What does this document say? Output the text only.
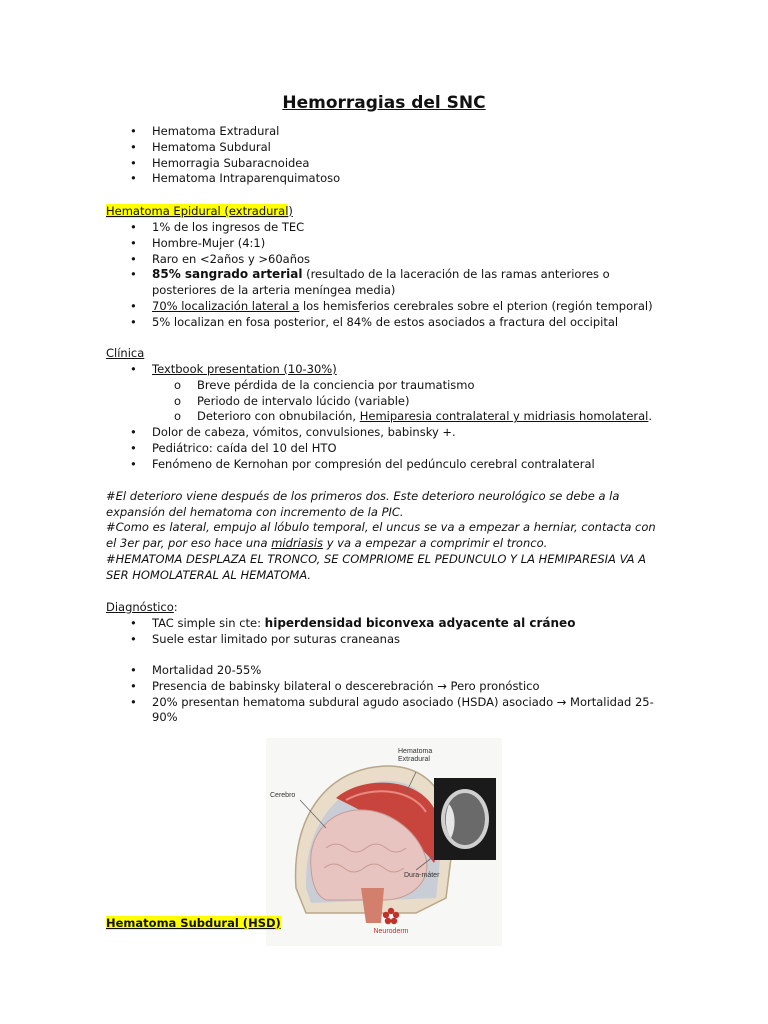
Hemorragias del SNC
• Hematoma Extradural
• Hematoma Subdural
• Hemorragia Subaracnoidea
• Hematoma Intraparenquimatoso
Hematoma Epidural (extradural)
• 1% de los ingresos de TEC
• Hombre-Mujer (4:1)
• Raro en <2años y >60años
• 85% sangrado arterial (resultado de la laceración de las ramas anteriores o posteriores de la arteria meníngea media)
• 70% localización lateral a los hemisferios cerebrales sobre el pterion (región temporal)
• 5% localizan en fosa posterior, el 84% de estos asociados a fractura del occipital
Clínica
• Textbook presentation (10-30%)
o Breve pérdida de la conciencia por traumatismo
o Periodo de intervalo lúcido (variable)
o Deterioro con obnubilación, Hemiparesia contralateral y midriasis homolateral.
• Dolor de cabeza, vómitos, convulsiones, babinsky +.
• Pediátrico: caída del 10 del HTO
• Fenómeno de Kernohan por compresión del pedúnculo cerebral contralateral
#El deterioro viene después de los primeros dos. Este deterioro neurológico se debe a la expansión del hematoma con incremento de la PIC.
#Como es lateral, empujo al lóbulo temporal, el uncus se va a empezar a herniar, contacta con el 3er par, por eso hace una midriasis y va a empezar a comprimir el tronco.
#HEMATOMA DESPLAZA EL TRONCO, SE COMPRIOME EL PEDUNCULO Y LA HEMIPARESIA VA A SER HOMOLATERAL AL HEMATOMA.
Diagnóstico:
• TAC simple sin cte: hiperdensidad biconvexa adyacente al cráneo
• Suele estar limitado por suturas craneanas
• Mortalidad 20-55%
• Presencia de babinsky bilateral o descerebración → Pero pronóstico
• 20% presentan hematoma subdural agudo asociado (HSDA) asociado → Mortalidad 25-90%
Hematoma Extradural
Cerebro
Dura-máter
Neuroderm
Hematoma Subdural (HSD)
